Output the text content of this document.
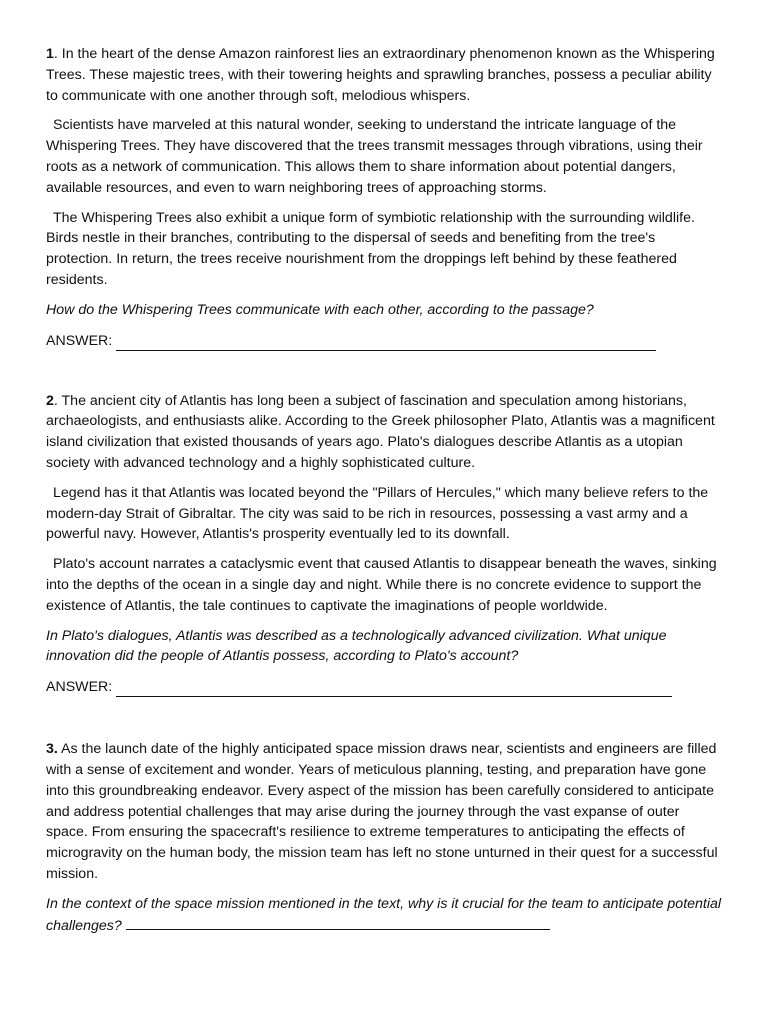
1. In the heart of the dense Amazon rainforest lies an extraordinary phenomenon known as the Whispering Trees. These majestic trees, with their towering heights and sprawling branches, possess a peculiar ability to communicate with one another through soft, melodious whispers.

Scientists have marveled at this natural wonder, seeking to understand the intricate language of the Whispering Trees. They have discovered that the trees transmit messages through vibrations, using their roots as a network of communication. This allows them to share information about potential dangers, available resources, and even to warn neighboring trees of approaching storms.

The Whispering Trees also exhibit a unique form of symbiotic relationship with the surrounding wildlife. Birds nestle in their branches, contributing to the dispersal of seeds and benefiting from the tree's protection. In return, the trees receive nourishment from the droppings left behind by these feathered residents.

How do the Whispering Trees communicate with each other, according to the passage?

ANSWER:

2. The ancient city of Atlantis has long been a subject of fascination and speculation among historians, archaeologists, and enthusiasts alike. According to the Greek philosopher Plato, Atlantis was a magnificent island civilization that existed thousands of years ago. Plato's dialogues describe Atlantis as a utopian society with advanced technology and a highly sophisticated culture.

Legend has it that Atlantis was located beyond the "Pillars of Hercules," which many believe refers to the modern-day Strait of Gibraltar. The city was said to be rich in resources, possessing a vast army and a powerful navy. However, Atlantis's prosperity eventually led to its downfall.

Plato's account narrates a cataclysmic event that caused Atlantis to disappear beneath the waves, sinking into the depths of the ocean in a single day and night. While there is no concrete evidence to support the existence of Atlantis, the tale continues to captivate the imaginations of people worldwide.

In Plato's dialogues, Atlantis was described as a technologically advanced civilization. What unique innovation did the people of Atlantis possess, according to Plato's account?

ANSWER:

3. As the launch date of the highly anticipated space mission draws near, scientists and engineers are filled with a sense of excitement and wonder. Years of meticulous planning, testing, and preparation have gone into this groundbreaking endeavor. Every aspect of the mission has been carefully considered to anticipate and address potential challenges that may arise during the journey through the vast expanse of outer space. From ensuring the spacecraft's resilience to extreme temperatures to anticipating the effects of microgravity on the human body, the mission team has left no stone unturned in their quest for a successful mission.

In the context of the space mission mentioned in the text, why is it crucial for the team to anticipate potential challenges?
